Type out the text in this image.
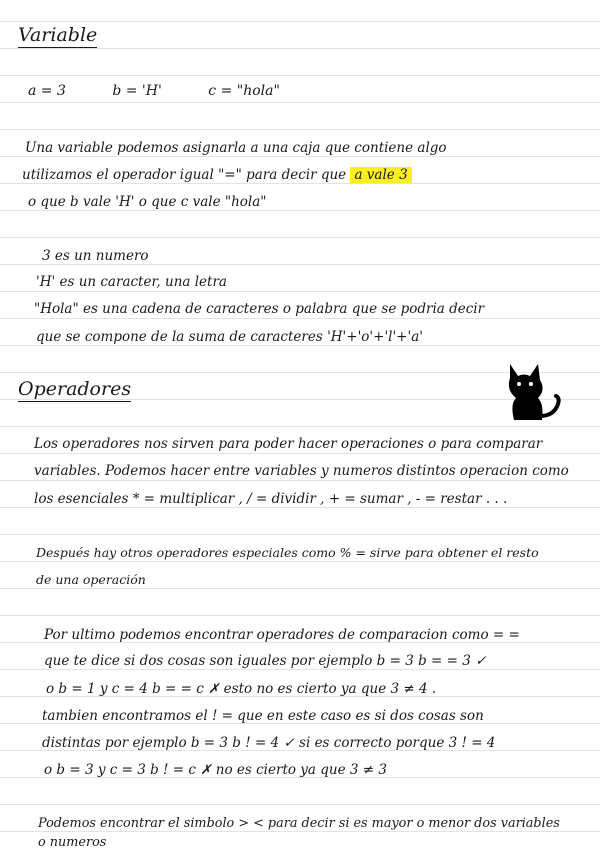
Variable
a = 3	b = 'H'	c = "hola"
Una variable podemos asignarla a una caja que contiene algo
utilizamos el operador igual "=" para decir que a vale 3
o que b vale 'H' o que c vale "hola"
3 es un numero
'H' es un caracter, una letra
"Hola" es una cadena de caracteres o palabra que se podria decir
que se compone de la suma de caracteres 'H'+'o'+'l'+'a'
Operadores
Los operadores nos sirven para poder hacer operaciones o para comparar
variables. Podemos hacer entre variables y numeros distintos operacion como
los esenciales * = multiplicar , / = dividir , + = sumar , - = restar . . .
Después hay otros operadores especiales como % = sirve para obtener el resto
de una operación
Por ultimo podemos encontrar operadores de comparacion como = =
que te dice si dos cosas son iguales por ejemplo b = 3 b = = 3 ✓
o b = 1 y c = 4 b = = c ✗ esto no es cierto ya que 3 ≠ 4 .
tambien encontramos el ! = que en este caso es si dos cosas son
distintas por ejemplo b = 3 b ! = 4 ✓ si es correcto porque 3 ! = 4
o b = 3 y c = 3 b ! = c ✗ no es cierto ya que 3 ≠ 3
Podemos encontrar el simbolo > < para decir si es mayor o menor dos variables
o numeros
